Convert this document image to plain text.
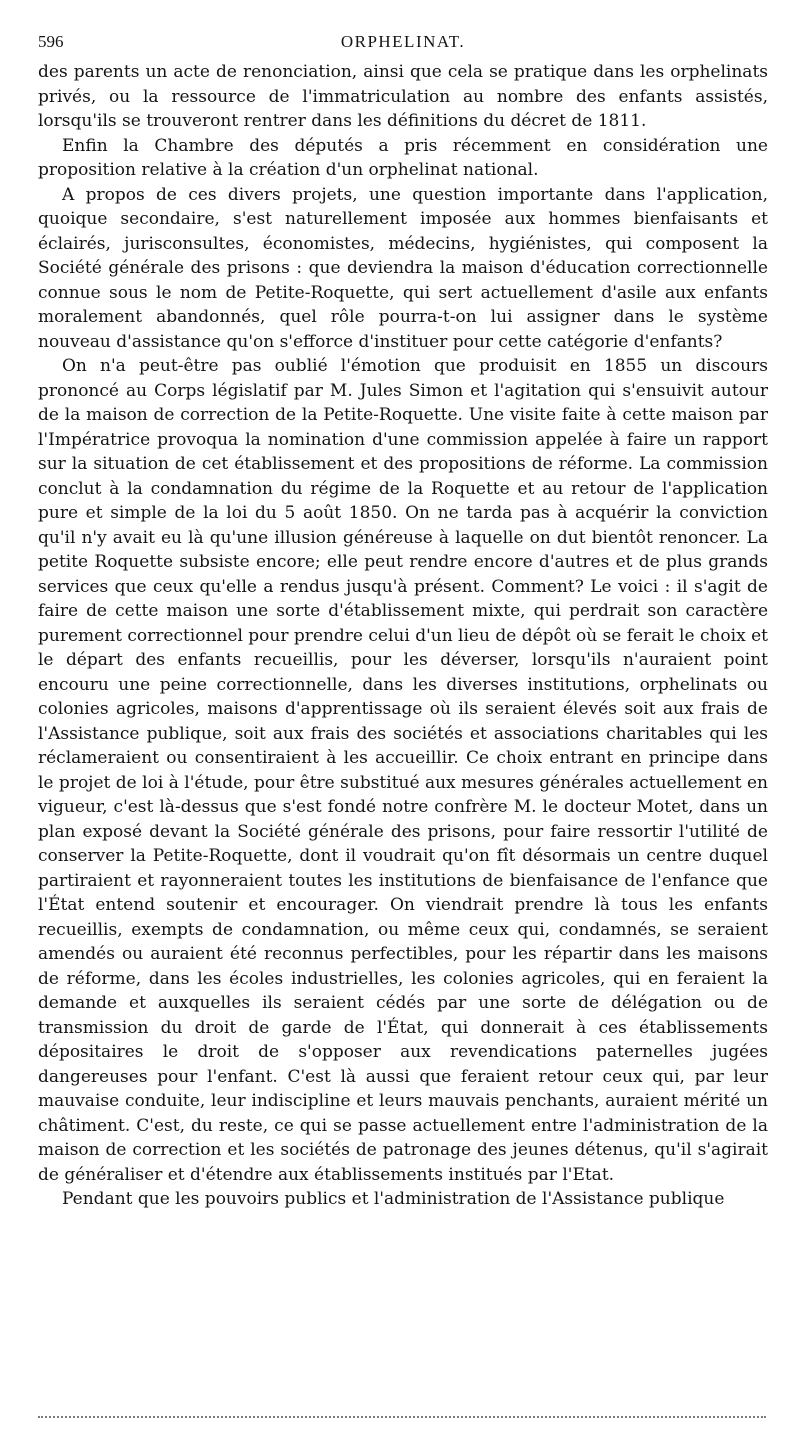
596	ORPHELINAT.

des parents un acte de renonciation, ainsi que cela se pratique dans les orphelinats privés, ou la ressource de l'immatriculation au nombre des enfants assistés, lorsqu'ils se trouveront rentrer dans les définitions du décret de 1811.

Enfin la Chambre des députés a pris récemment en considération une proposition relative à la création d'un orphelinat national.

A propos de ces divers projets, une question importante dans l'application, quoique secondaire, s'est naturellement imposée aux hommes bienfaisants et éclairés, jurisconsultes, économistes, médecins, hygiénistes, qui composent la Société générale des prisons : que deviendra la maison d'éducation correctionnelle connue sous le nom de Petite-Roquette, qui sert actuellement d'asile aux enfants moralement abandonnés, quel rôle pourra-t-on lui assigner dans le système nouveau d'assistance qu'on s'efforce d'instituer pour cette catégorie d'enfants?

On n'a peut-être pas oublié l'émotion que produisit en 1855 un discours prononcé au Corps législatif par M. Jules Simon et l'agitation qui s'ensuivit autour de la maison de correction de la Petite-Roquette. Une visite faite à cette maison par l'Impératrice provoqua la nomination d'une commission appelée à faire un rapport sur la situation de cet établissement et des propositions de réforme. La commission conclut à la condamnation du régime de la Roquette et au retour de l'application pure et simple de la loi du 5 août 1850. On ne tarda pas à acquérir la conviction qu'il n'y avait eu là qu'une illusion généreuse à laquelle on dut bientôt renoncer. La petite Roquette subsiste encore; elle peut rendre encore d'autres et de plus grands services que ceux qu'elle a rendus jusqu'à présent. Comment? Le voici : il s'agit de faire de cette maison une sorte d'établissement mixte, qui perdrait son caractère purement correctionnel pour prendre celui d'un lieu de dépôt où se ferait le choix et le départ des enfants recueillis, pour les déverser, lorsqu'ils n'auraient point encouru une peine correctionnelle, dans les diverses institutions, orphelinats ou colonies agricoles, maisons d'apprentissage où ils seraient élevés soit aux frais de l'Assistance publique, soit aux frais des sociétés et associations charitables qui les réclameraient ou consentiraient à les accueillir. Ce choix entrant en principe dans le projet de loi à l'étude, pour être substitué aux mesures générales actuellement en vigueur, c'est là-dessus que s'est fondé notre confrère M. le docteur Motet, dans un plan exposé devant la Société générale des prisons, pour faire ressortir l'utilité de conserver la Petite-Roquette, dont il voudrait qu'on fît désormais un centre duquel partiraient et rayonneraient toutes les institutions de bienfaisance de l'enfance que l'État entend soutenir et encourager. On viendrait prendre là tous les enfants recueillis, exempts de condamnation, ou même ceux qui, condamnés, se seraient amendés ou auraient été reconnus perfectibles, pour les répartir dans les maisons de réforme, dans les écoles industrielles, les colonies agricoles, qui en feraient la demande et auxquelles ils seraient cédés par une sorte de délégation ou de transmission du droit de garde de l'État, qui donnerait à ces établissements dépositaires le droit de s'opposer aux revendications paternelles jugées dangereuses pour l'enfant. C'est là aussi que feraient retour ceux qui, par leur mauvaise conduite, leur indiscipline et leurs mauvais penchants, auraient mérité un châtiment. C'est, du reste, ce qui se passe actuellement entre l'administration de la maison de correction et les sociétés de patronage des jeunes détenus, qu'il s'agirait de généraliser et d'étendre aux établissements institués par l'Etat.

Pendant que les pouvoirs publics et l'administration de l'Assistance publique
